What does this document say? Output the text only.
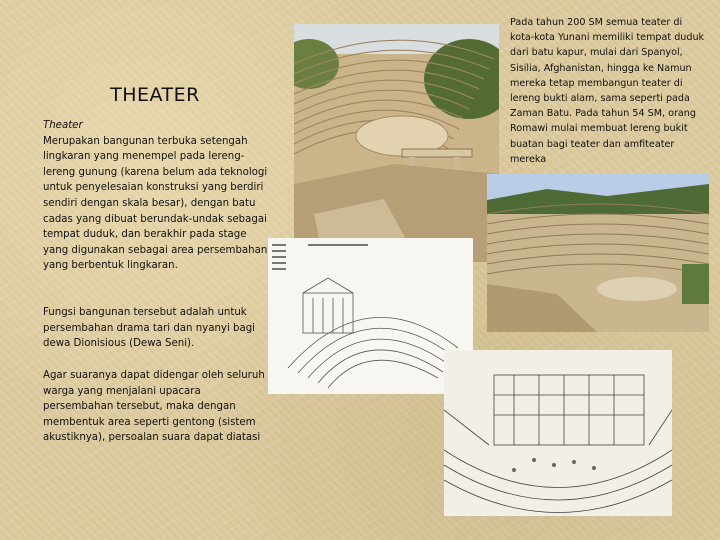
THEATER
Theater
Merupakan bangunan terbuka setengah lingkaran yang menempel pada lereng-lereng gunung (karena belum ada teknologi untuk penyelesaian konstruksi yang berdiri sendiri dengan skala besar), dengan batu cadas yang dibuat berundak-undak sebagai tempat duduk, dan berakhir pada stage yang digunakan sebagai area persembahan yang berbentuk lingkaran.
Fungsi bangunan tersebut adalah untuk persembahan drama tari dan nyanyi bagi dewa Dionisious (Dewa Seni).
Agar suaranya dapat didengar oleh seluruh warga yang menjalani upacara persembahan tersebut, maka dengan membentuk area seperti gentong (sistem akustiknya), persoalan suara dapat diatasi
Pada tahun 200 SM semua teater di kota-kota Yunani memiliki tempat duduk dari batu kapur, mulai dari Spanyol, Sisilia, Afghanistan, hingga ke Namun mereka tetap membangun teater di lereng bukti alam, sama seperti pada Zaman Batu. Pada tahun 54 SM, orang Romawi mulai membuat lereng bukit buatan bagi teater dan amfiteater mereka
